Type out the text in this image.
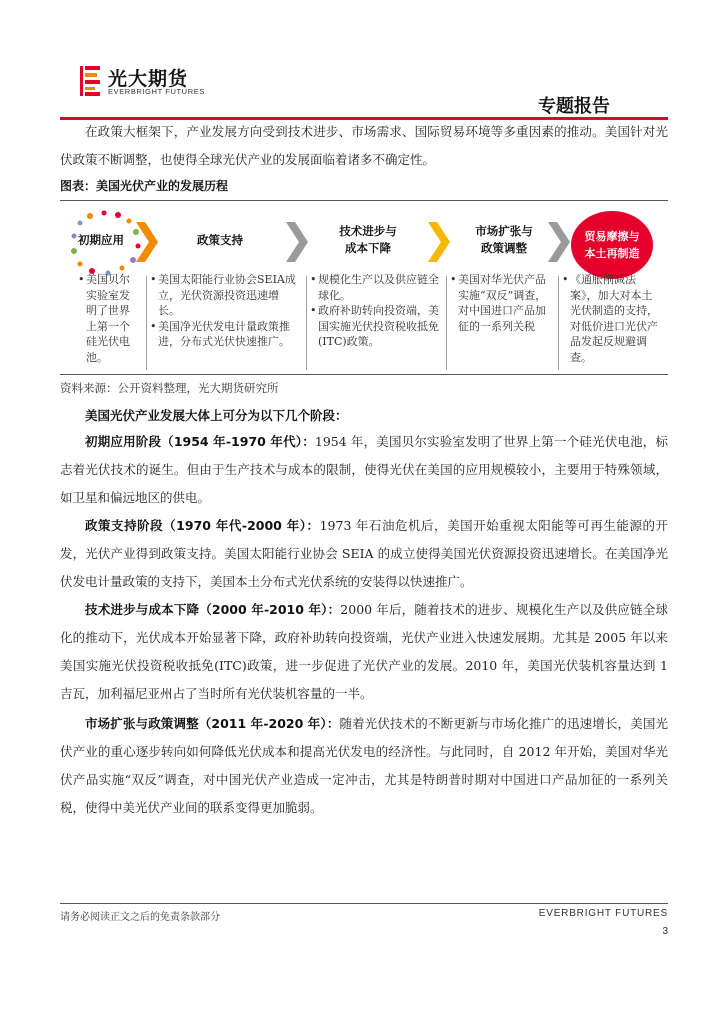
光大期货
EVERBRIGHT FUTURES
专题报告
在政策大框架下，产业发展方向受到技术进步、市场需求、国际贸易环境等多重因素的推动。美国针对光伏政策不断调整，也使得全球光伏产业的发展面临着诸多不确定性。
图表：美国光伏产业的发展历程
初期应用	政策支持
技术进步与成本下降
市场扩张与政策调整
贸易摩擦与本土再制造
• 美国贝尔实验室发明了世界上第一个硅光伏电池。
• 美国太阳能行业协会SEIA成立，光伏资源投资迅速增长。
• 美国净光伏发电计量政策推进，分布式光伏快速推广。
• 规模化生产以及供应链全球化。
• 政府补助转向投资端，美国实施光伏投资税收抵免(ITC)政策。
• 美国对华光伏产品实施“双反”调查，对中国进口产品加征的一系列关税
• 《通胀削减法案》，加大对本土光伏制造的支持，对低价进口光伏产品发起反规避调查。
资料来源：公开资料整理，光大期货研究所
美国光伏产业发展大体上可分为以下几个阶段：
初期应用阶段（1954 年-1970 年代）：1954 年，美国贝尔实验室发明了世界上第一个硅光伏电池，标志着光伏技术的诞生。但由于生产技术与成本的限制，使得光伏在美国的应用规模较小，主要用于特殊领域，如卫星和偏远地区的供电。
政策支持阶段（1970 年代-2000 年）：1973 年石油危机后，美国开始重视太阳能等可再生能源的开发，光伏产业得到政策支持。美国太阳能行业协会 SEIA 的成立使得美国光伏资源投资迅速增长。在美国净光伏发电计量政策的支持下，美国本土分布式光伏系统的安装得以快速推广。
技术进步与成本下降（2000 年-2010 年）：2000 年后，随着技术的进步、规模化生产以及供应链全球化的推动下，光伏成本开始显著下降，政府补助转向投资端，光伏产业进入快速发展期。尤其是 2005 年以来美国实施光伏投资税收抵免(ITC)政策，进一步促进了光伏产业的发展。2010 年，美国光伏装机容量达到 1 吉瓦，加利福尼亚州占了当时所有光伏装机容量的一半。
市场扩张与政策调整（2011 年-2020 年）：随着光伏技术的不断更新与市场化推广的迅速增长，美国光伏产业的重心逐步转向如何降低光伏成本和提高光伏发电的经济性。与此同时，自 2012 年开始，美国对华光伏产品实施“双反”调查，对中国光伏产业造成一定冲击，尤其是特朗普时期对中国进口产品加征的一系列关税，使得中美光伏产业间的联系变得更加脆弱。
请务必阅读正文之后的免责条款部分	EVERBRIGHT FUTURES
3
